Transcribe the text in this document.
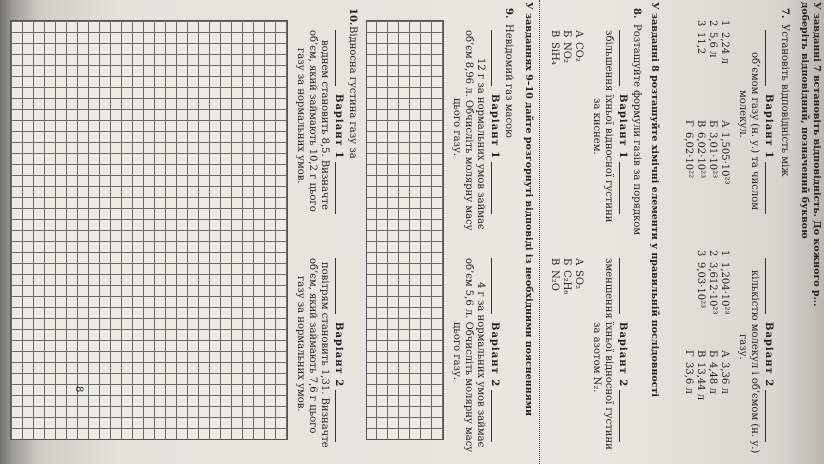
У завданні 7 встановіть відповідність. До кожного р...
доберіть відповідний, позначений буквою
7.
Установіть відповідність між
Варіант 1
об’ємом газу (н. у.) та числом
молекул.
12,24 л
25,6 л
311,2
А1,505·10²³
Б3,01·10²³
В6,02·10²³
Г6,02·10²²
Варіант 2
кількістю молекул і об’ємом (н. у.)
газу.
11,204·10²³
23,612·10²³
39,03·10²³
А3,36 л
Б4,48 л
В13,44 л
Г33,6 л
У завданні 8 розташуйте хімічні елементи у правильній послідовності
8.
Розташуйте формули газів за порядком
Варіант 1
збільшення їхньої відносної густини
за киснем.
АCO₂
БNO₂
ВSiH₄
Варіант 2
зменшення їхньої відносної густини
за азотом N₂.
АSO₂
БC₂H₆
ВN₂O
У завданнях 9–10 дайте розгорнуті відповіді із необхідними поясненнями
9.
Невідомий газ масою
Варіант 1
12 г за нормальних умов займає
об’єм 8,96 л. Обчисліть молярну масу
цього газу.
Варіант 2
4 г за нормальних умов займає
об’єм 5,6 л. Обчисліть молярну масу
цього газу.
10.
Відносна густина газу за
Варіант 1
воднем становить 8,5. Визначте
об’єм, який займають 10,2 г цього
газу за нормальних умов.
Варіант 2
повітрям становить 1,31. Визначте
об’єм, який займають 7,6 г цього
газу за нормальних умов.
8
